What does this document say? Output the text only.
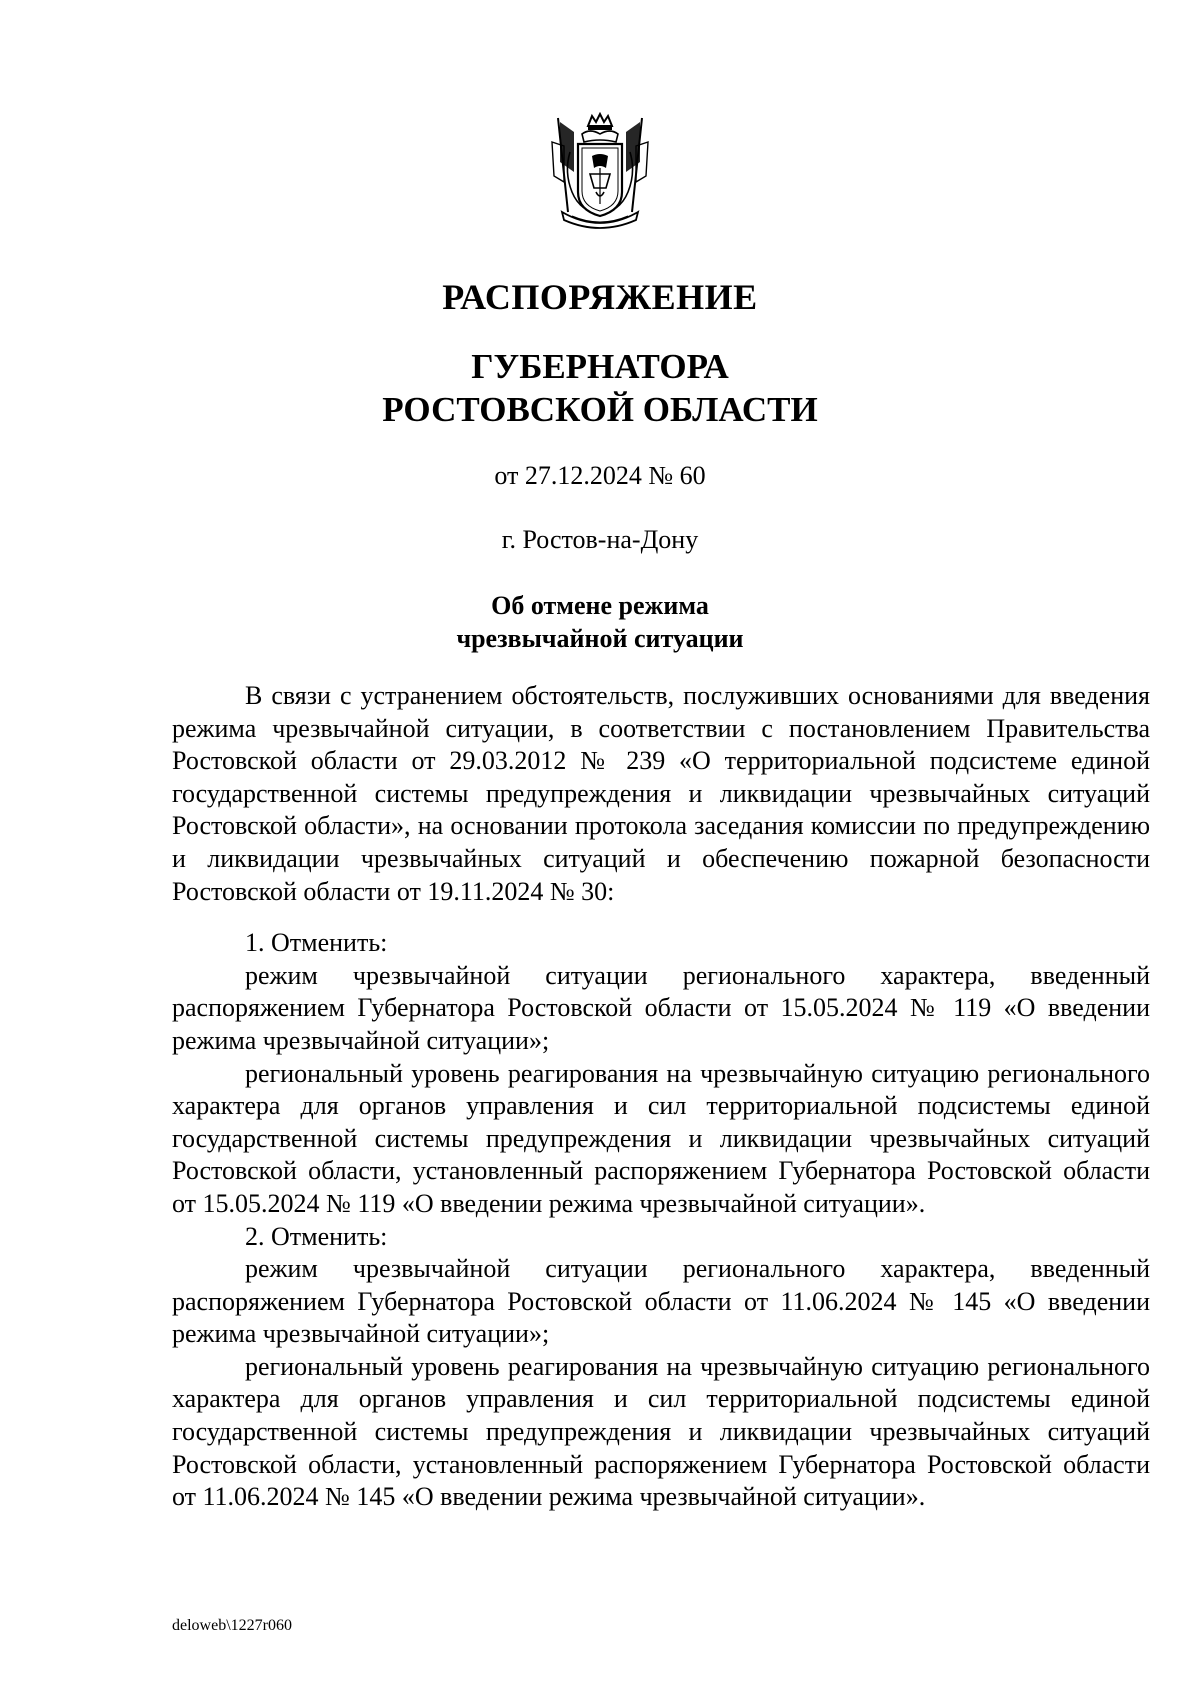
РАСПОРЯЖЕНИЕ
ГУБЕРНАТОРА
РОСТОВСКОЙ ОБЛАСТИ
от 27.12.2024 № 60
г. Ростов-на-Дону
Об отмене режима
чрезвычайной ситуации

В связи с устранением обстоятельств, послуживших основаниями для введения режима чрезвычайной ситуации, в соответствии с постановлением Правительства Ростовской области от 29.03.2012 № 239 «О территориальной подсистеме единой государственной системы предупреждения и ликвидации чрезвычайных ситуаций Ростовской области», на основании протокола заседания комиссии по предупреждению и ликвидации чрезвычайных ситуаций и обеспечению пожарной безопасности Ростовской области от 19.11.2024 № 30:

1. Отменить:

режим чрезвычайной ситуации регионального характера, введенный распоряжением Губернатора Ростовской области от 15.05.2024 № 119 «О введении режима чрезвычайной ситуации»;

региональный уровень реагирования на чрезвычайную ситуацию регионального характера для органов управления и сил территориальной подсистемы единой государственной системы предупреждения и ликвидации чрезвычайных ситуаций Ростовской области, установленный распоряжением Губернатора Ростовской области от 15.05.2024 № 119 «О введении режима чрезвычайной ситуации».

2. Отменить:

режим чрезвычайной ситуации регионального характера, введенный распоряжением Губернатора Ростовской области от 11.06.2024 № 145 «О введении режима чрезвычайной ситуации»;

региональный уровень реагирования на чрезвычайную ситуацию регионального характера для органов управления и сил территориальной подсистемы единой государственной системы предупреждения и ликвидации чрезвычайных ситуаций Ростовской области, установленный распоряжением Губернатора Ростовской области от 11.06.2024 № 145 «О введении режима чрезвычайной ситуации».

deloweb\1227r060
